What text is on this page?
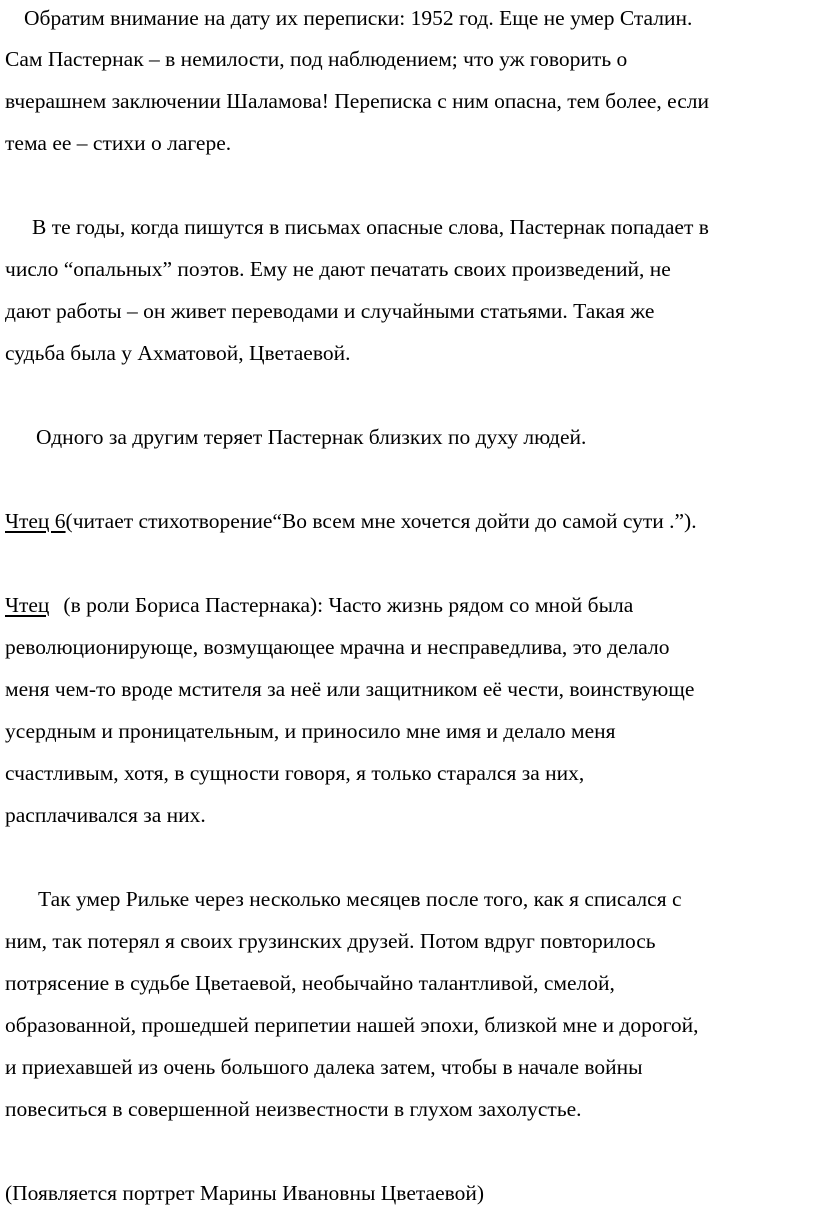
Обратим внимание на дату их переписки: 1952 год. Еще не умер Сталин.
Сам Пастернак – в немилости, под наблюдением; что уж говорить о
вчерашнем заключении Шаламова! Переписка с ним опасна, тем более, если
тема ее – стихи о лагере.
В те годы, когда пишутся в письмах опасные слова, Пастернак попадает в
число “опальных” поэтов. Ему не дают печатать своих произведений, не
дают работы – он живет переводами и случайными статьями. Такая же
судьба была у Ахматовой, Цветаевой.
Одного за другим теряет Пастернак близких по духу людей.
Чтец 6(читает стихотворение“Во всем мне хочется дойти до самой сути .”).
Чтец (в роли Бориса Пастернака): Часто жизнь рядом со мной была
революционирующе, возмущающее мрачна и несправедлива, это делало
меня чем-то вроде мстителя за неё или защитником её чести, воинствующе
усердным и проницательным, и приносило мне имя и делало меня
счастливым, хотя, в сущности говоря, я только старался за них,
расплачивался за них.
Так умер Рильке через несколько месяцев после того, как я списался с
ним, так потерял я своих грузинских друзей. Потом вдруг повторилось
потрясение в судьбе Цветаевой, необычайно талантливой, смелой,
образованной, прошедшей перипетии нашей эпохи, близкой мне и дорогой,
и приехавшей из очень большого далека затем, чтобы в начале войны
повеситься в совершенной неизвестности в глухом захолустье.
(Появляется портрет Марины Ивановны Цветаевой)
